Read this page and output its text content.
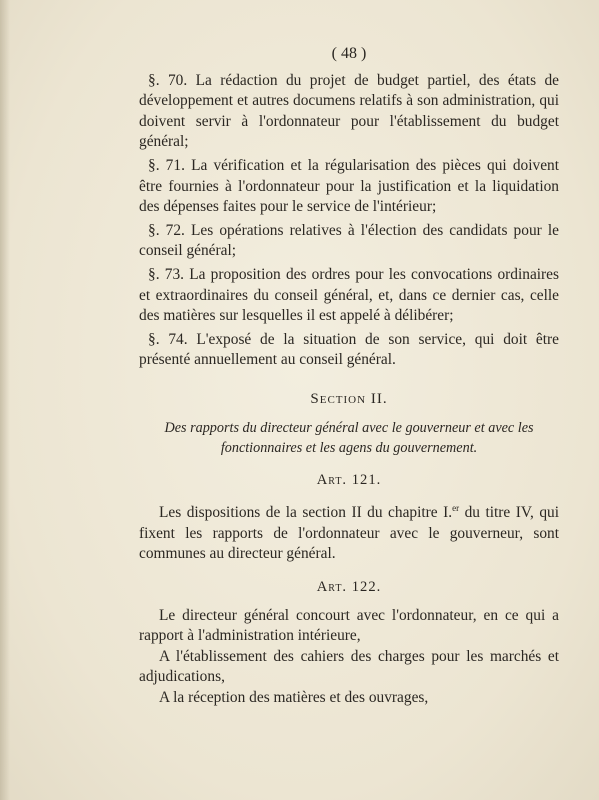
( 48 )

§. 70. La rédaction du projet de budget partiel, des états de développement et autres documens relatifs à son administration, qui doivent servir à l'ordonnateur pour l'établissement du budget général;

§. 71. La vérification et la régularisation des pièces qui doivent être fournies à l'ordonnateur pour la justification et la liquidation des dépenses faites pour le service de l'intérieur;

§. 72. Les opérations relatives à l'élection des candidats pour le conseil général;

§. 73. La proposition des ordres pour les convocations ordinaires et extraordinaires du conseil général, et, dans ce dernier cas, celle des matières sur lesquelles il est appelé à délibérer;

§. 74. L'exposé de la situation de son service, qui doit être présenté annuellement au conseil général.

Section II.
Des rapports du directeur général avec le gouverneur et avec les fonctionnaires et les agens du gouvernement.
Art. 121.

Les dispositions de la section II du chapitre I.$^{er}$ du titre IV, qui fixent les rapports de l'ordonnateur avec le gouverneur, sont communes au directeur général.

Art. 122.

Le directeur général concourt avec l'ordonnateur, en ce qui a rapport à l'administration intérieure,

A l'établissement des cahiers des charges pour les marchés et adjudications,

A la réception des matières et des ouvrages,
